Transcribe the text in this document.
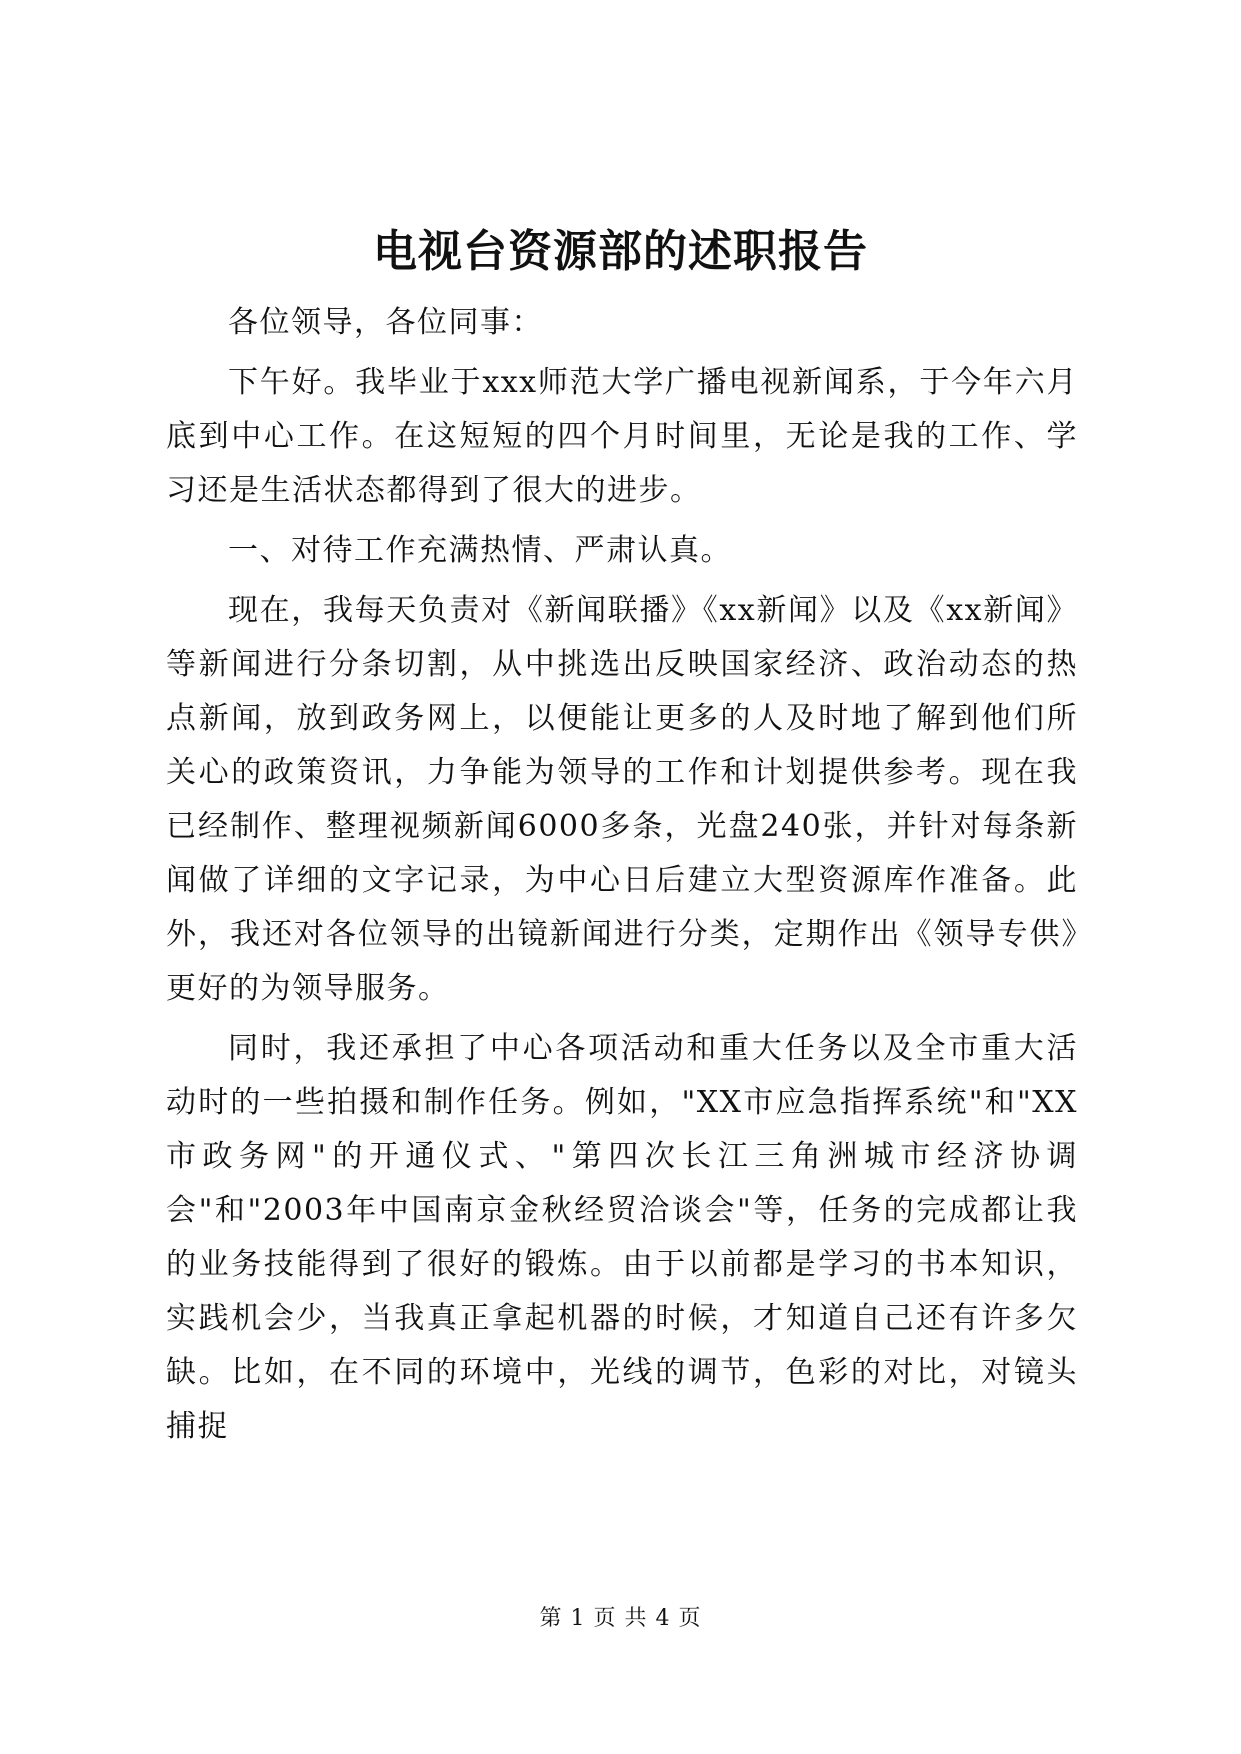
电视台资源部的述职报告

各位领导，各位同事：

下午好。我毕业于xxx师范大学广播电视新闻系，于今年六月底到中心工作。在这短短的四个月时间里，无论是我的工作、学习还是生活状态都得到了很大的进步。

一、对待工作充满热情、严肃认真。

现在，我每天负责对《新闻联播》《xx新闻》以及《xx新闻》等新闻进行分条切割，从中挑选出反映国家经济、政治动态的热点新闻，放到政务网上，以便能让更多的人及时地了解到他们所关心的政策资讯，力争能为领导的工作和计划提供参考。现在我已经制作、整理视频新闻6000多条，光盘240张，并针对每条新闻做了详细的文字记录，为中心日后建立大型资源库作准备。此外，我还对各位领导的出镜新闻进行分类，定期作出《领导专供》更好的为领导服务。

同时，我还承担了中心各项活动和重大任务以及全市重大活动时的一些拍摄和制作任务。例如，"XX市应急指挥系统"和"XX市政务网"的开通仪式、"第四次长江三角洲城市经济协调会"和"2003年中国南京金秋经贸洽谈会"等，任务的完成都让我的业务技能得到了很好的锻炼。由于以前都是学习的书本知识，实践机会少，当我真正拿起机器的时候，才知道自己还有许多欠缺。比如，在不同的环境中，光线的调节，色彩的对比，对镜头捕捉

第 1 页 共 4 页
